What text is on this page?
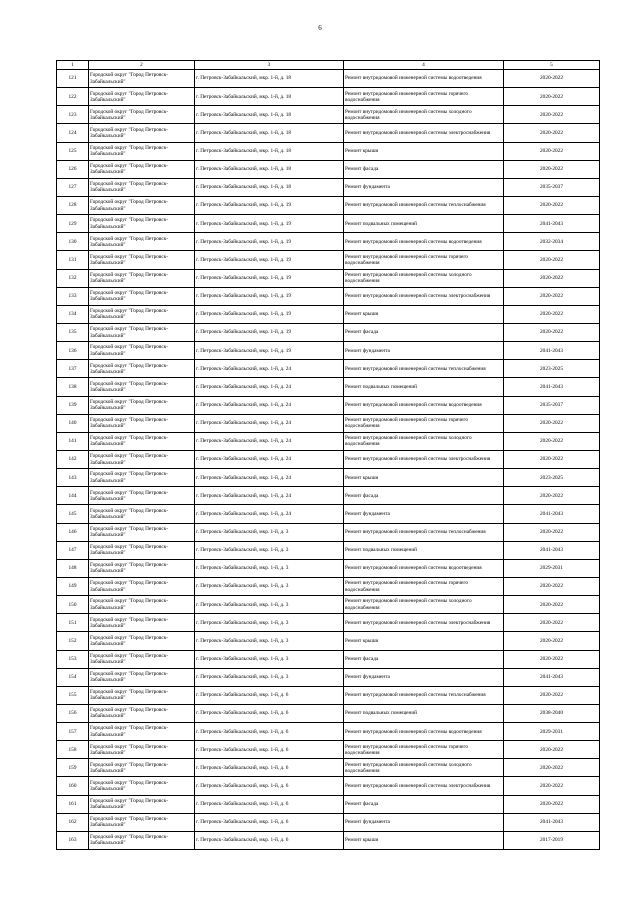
6
1	2	3	4	5
121	Городской округ "Город Петровск-Забайкальский"	г. Петровск-Забайкальский, мкр. 1-й, д. 18	Ремонт внутридомовой инженерной системы водоотведения	2020-2022
122	Городской округ "Город Петровск-Забайкальский"	г. Петровск-Забайкальский, мкр. 1-й, д. 18	Ремонт внутридомовой инженерной системы горячего водоснабжения	2020-2022
123	Городской округ "Город Петровск-Забайкальский"	г. Петровск-Забайкальский, мкр. 1-й, д. 18	Ремонт внутридомовой инженерной системы холодного водоснабжения	2020-2022
124	Городской округ "Город Петровск-Забайкальский"	г. Петровск-Забайкальский, мкр. 1-й, д. 18	Ремонт внутридомовой инженерной системы электроснабжения	2020-2022
125	Городской округ "Город Петровск-Забайкальский"	г. Петровск-Забайкальский, мкр. 1-й, д. 18	Ремонт крыши	2020-2022
126	Городской округ "Город Петровск-Забайкальский"	г. Петровск-Забайкальский, мкр. 1-й, д. 18	Ремонт фасада	2020-2022
127	Городской округ "Город Петровск-Забайкальский"	г. Петровск-Забайкальский, мкр. 1-й, д. 18	Ремонт фундамента	2035-2037
128	Городской округ "Город Петровск-Забайкальский"	г. Петровск-Забайкальский, мкр. 1-й, д. 19	Ремонт внутридомовой инженерной системы теплоснабжения	2020-2022
129	Городской округ "Город Петровск-Забайкальский"	г. Петровск-Забайкальский, мкр. 1-й, д. 19	Ремонт подвальных помещений	2041-2043
130	Городской округ "Город Петровск-Забайкальский"	г. Петровск-Забайкальский, мкр. 1-й, д. 19	Ремонт внутридомовой инженерной системы водоотведения	2032-2034
131	Городской округ "Город Петровск-Забайкальский"	г. Петровск-Забайкальский, мкр. 1-й, д. 19	Ремонт внутридомовой инженерной системы горячего водоснабжения	2020-2022
132	Городской округ "Город Петровск-Забайкальский"	г. Петровск-Забайкальский, мкр. 1-й, д. 19	Ремонт внутридомовой инженерной системы холодного водоснабжения	2020-2022
133	Городской округ "Город Петровск-Забайкальский"	г. Петровск-Забайкальский, мкр. 1-й, д. 19	Ремонт внутридомовой инженерной системы электроснабжения	2020-2022
134	Городской округ "Город Петровск-Забайкальский"	г. Петровск-Забайкальский, мкр. 1-й, д. 19	Ремонт крыши	2020-2022
135	Городской округ "Город Петровск-Забайкальский"	г. Петровск-Забайкальский, мкр. 1-й, д. 19	Ремонт фасада	2020-2022
136	Городской округ "Город Петровск-Забайкальский"	г. Петровск-Забайкальский, мкр. 1-й, д. 19	Ремонт фундамента	2041-2043
137	Городской округ "Город Петровск-Забайкальский"	г. Петровск-Забайкальский, мкр. 1-й, д. 24	Ремонт внутридомовой инженерной системы теплоснабжения	2023-2025
138	Городской округ "Город Петровск-Забайкальский"	г. Петровск-Забайкальский, мкр. 1-й, д. 24	Ремонт подвальных помещений	2041-2043
139	Городской округ "Город Петровск-Забайкальский"	г. Петровск-Забайкальский, мкр. 1-й, д. 24	Ремонт внутридомовой инженерной системы водоотведения	2035-2037
140	Городской округ "Город Петровск-Забайкальский"	г. Петровск-Забайкальский, мкр. 1-й, д. 24	Ремонт внутридомовой инженерной системы горячего водоснабжения	2020-2022
141	Городской округ "Город Петровск-Забайкальский"	г. Петровск-Забайкальский, мкр. 1-й, д. 24	Ремонт внутридомовой инженерной системы холодного водоснабжения	2020-2022
142	Городской округ "Город Петровск-Забайкальский"	г. Петровск-Забайкальский, мкр. 1-й, д. 24	Ремонт внутридомовой инженерной системы электроснабжения	2020-2022
143	Городской округ "Город Петровск-Забайкальский"	г. Петровск-Забайкальский, мкр. 1-й, д. 24	Ремонт крыши	2023-2025
144	Городской округ "Город Петровск-Забайкальский"	г. Петровск-Забайкальский, мкр. 1-й, д. 24	Ремонт фасада	2020-2022
145	Городской округ "Город Петровск-Забайкальский"	г. Петровск-Забайкальский, мкр. 1-й, д. 24	Ремонт фундамента	2041-2043
146	Городской округ "Город Петровск-Забайкальский"	г. Петровск-Забайкальский, мкр. 1-й, д. 3	Ремонт внутридомовой инженерной системы теплоснабжения	2020-2022
147	Городской округ "Город Петровск-Забайкальский"	г. Петровск-Забайкальский, мкр. 1-й, д. 3	Ремонт подвальных помещений	2041-2043
148	Городской округ "Город Петровск-Забайкальский"	г. Петровск-Забайкальский, мкр. 1-й, д. 3	Ремонт внутридомовой инженерной системы водоотведения	2029-2031
149	Городской округ "Город Петровск-Забайкальский"	г. Петровск-Забайкальский, мкр. 1-й, д. 3	Ремонт внутридомовой инженерной системы горячего водоснабжения	2020-2022
150	Городской округ "Город Петровск-Забайкальский"	г. Петровск-Забайкальский, мкр. 1-й, д. 3	Ремонт внутридомовой инженерной системы холодного водоснабжения	2020-2022
151	Городской округ "Город Петровск-Забайкальский"	г. Петровск-Забайкальский, мкр. 1-й, д. 3	Ремонт внутридомовой инженерной системы электроснабжения	2020-2022
152	Городской округ "Город Петровск-Забайкальский"	г. Петровск-Забайкальский, мкр. 1-й, д. 3	Ремонт крыши	2020-2022
153	Городской округ "Город Петровск-Забайкальский"	г. Петровск-Забайкальский, мкр. 1-й, д. 3	Ремонт фасада	2020-2022
154	Городской округ "Город Петровск-Забайкальский"	г. Петровск-Забайкальский, мкр. 1-й, д. 3	Ремонт фундамента	2041-2043
155	Городской округ "Город Петровск-Забайкальский"	г. Петровск-Забайкальский, мкр. 1-й, д. 6	Ремонт внутридомовой инженерной системы теплоснабжения	2020-2022
156	Городской округ "Город Петровск-Забайкальский"	г. Петровск-Забайкальский, мкр. 1-й, д. 6	Ремонт подвальных помещений	2038-2040
157	Городской округ "Город Петровск-Забайкальский"	г. Петровск-Забайкальский, мкр. 1-й, д. 6	Ремонт внутридомовой инженерной системы водоотведения	2029-2031
158	Городской округ "Город Петровск-Забайкальский"	г. Петровск-Забайкальский, мкр. 1-й, д. 6	Ремонт внутридомовой инженерной системы горячего водоснабжения	2020-2022
159	Городской округ "Город Петровск-Забайкальский"	г. Петровск-Забайкальский, мкр. 1-й, д. 6	Ремонт внутридомовой инженерной системы холодного водоснабжения	2020-2022
160	Городской округ "Город Петровск-Забайкальский"	г. Петровск-Забайкальский, мкр. 1-й, д. 6	Ремонт внутридомовой инженерной системы электроснабжения	2020-2022
161	Городской округ "Город Петровск-Забайкальский"	г. Петровск-Забайкальский, мкр. 1-й, д. 6	Ремонт фасада	2020-2022
162	Городской округ "Город Петровск-Забайкальский"	г. Петровск-Забайкальский, мкр. 1-й, д. 6	Ремонт фундамента	2041-2043
163	Городской округ "Город Петровск-Забайкальский"	г. Петровск-Забайкальский, мкр. 1-й, д. 6	Ремонт крыши	2017-2019
